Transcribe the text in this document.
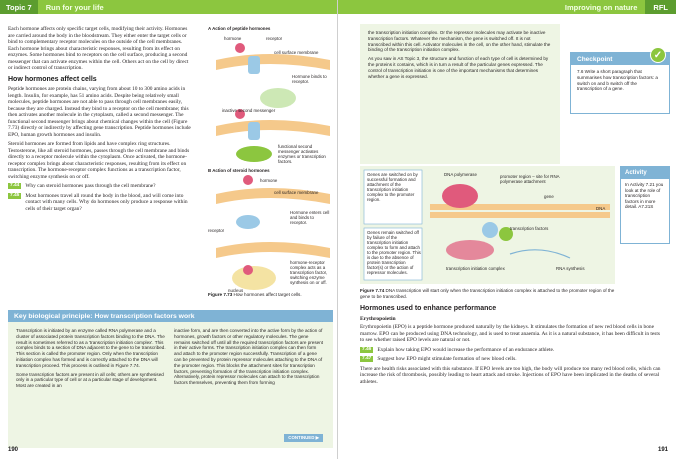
Topic 7	Run for your life

Each hormone affects only specific target cells, modifying their activity. Hormones are carried around the body in the bloodstream. They either enter the target cells or bind to complementary receptor molecules on the outside of the cell membranes. Each hormone brings about characteristic responses, resulting from its effect on enzymes. Some hormones bind to receptors on the cell surface, producing a second messenger that can activate enzymes within the cell. Others act on the cell by direct or indirect control of transcription.

How hormones affect cells

Peptide hormones are protein chains, varying from about 10 to 300 amino acids in length. Insulin, for example, has 51 amino acids. Despite being relatively small molecules, peptide hormones are not able to pass through cell membranes easily, because they are charged. Instead they bind to a receptor on the cell membrane; this then activates another molecule in the cytoplasm, called a second messenger. The functional second messenger brings about chemical changes within the cell (Figure 7.73) directly or indirectly by affecting gene transcription. Peptide hormones include EPO, human growth hormones and insulin.

Steroid hormones are formed from lipids and have complex ring structures. Testosterone, like all steroid hormones, passes through the cell membrane and binds directly to a receptor molecule within the cytoplasm. Once activated, the hormone-receptor complex brings about characteristic responses, resulting from its effect on transcription. The hormone-receptor complex functions as a transcription factor, switching enzyme synthesis on or off.

7.44	Why can steroid hormones pass through the cell membrane?
7.45	Most hormones travel all round the body in the blood, and will come into contact with many cells. Why do hormones only produce a response within cells of their target organ?
A Action of peptide hormones
hormone	receptor
cell surface membrane
Hormone binds to receptor.
inactive second messenger
functional second messenger activates enzymes or transcription factors.
B Action of steroid hormones
hormone
cell surface membrane
receptor
Hormone enters cell and binds to receptor.
hormone-receptor complex acts as a transcription factor, switching enzyme synthesis on or off.
nucleus
Figure 7.73 How hormones affect target cells.
Key biological principle: How transcription factors work

Transcription is initiated by an enzyme called RNA polymerase and a cluster of associated protein transcription factors binding to the DNA. The result is sometimes referred to as a 'transcription initiation complex'. This complex binds to a section of DNA adjacent to the gene to be transcribed. This section is called the promoter region. Only when the transcription initiation complex has formed and is correctly attached to the DNA will transcription proceed. This process is outlined in Figure 7.74.

Some transcription factors are present in all cells; others are synthesised only in a particular type of cell or at a particular stage of development. Most are created in an

inactive form, and are then converted into the active form by the action of hormones, growth factors or other regulatory molecules. The gene remains switched off until all the required transcription factors are present in their active forms. The transcription initiation complex can then form and attach to the promoter region successfully. Transcription of a gene can be prevented by protein repressor molecules attaching to the DNA of the promoter region. This blocks the attachment sites for transcription factors, preventing formation of the transcription initiation complex. Alternatively, protein repressor molecules can attach to the transcription factors themselves, preventing them from forming

CONTINUED ▶
190
Improving on nature	RFL

the transcription initiation complex. Or the repressor molecules may activate be inactive transcription factors. Whatever the mechanism, the gene is switched off. It is not transcribed within this cell. Activator molecules in the cell, on the other hand, stimulate the binding of the transcription initiation complex.

As you saw in AS Topic 3, the structure and function of each type of cell is determined by the proteins it contains, which is in turn a result of the particular genes expressed. The control of transcription initiation is one of the important mechanisms that determines whether a gene is expressed.

Checkpoint	✓
7.6 Write a short paragraph that summarises how transcription factors: a switch on and b switch off the transcription of a gene.
Genes are switched on by successful formation and attachment of the transcription initiation complex to the promoter region.
Genes remain switched off by failure of the transcription initiation complex to form and attach to the promoter region. This is due to the absence of protein transcription factor(s) or the action of repressor molecules.
DNA polymerase	promoter region – site for RNA polymerase attachment
gene
DNA
transcription factors
transcription initiation complex	RNA synthesis
Figure 7.74 DNA transcription will start only when the transcription initiation complex is attached to the promoter region of the gene to be transcribed.
Activity
In Activity 7.21 you look at the role of transcription factors in more detail. A7.21S
Hormones used to enhance performance
Erythropoietin

Erythropoietin (EPO) is a peptide hormone produced naturally by the kidneys. It stimulates the formation of new red blood cells in bone marrow. EPO can be produced using DNA technology, and is used to treat anaemia. As it is a natural substance, it has been difficult in tests to see whether raised EPO levels are natural or not.

7.46	Explain how taking EPO would increase the performance of an endurance athlete.
7.47	Suggest how EPO might stimulate formation of new blood cells.

There are health risks associated with this substance. If EPO levels are too high, the body will produce too many red blood cells, which can increase the risk of thrombosis, possibly leading to heart attack and stroke. Injections of EPO have been implicated in the deaths of several athletes.

191
